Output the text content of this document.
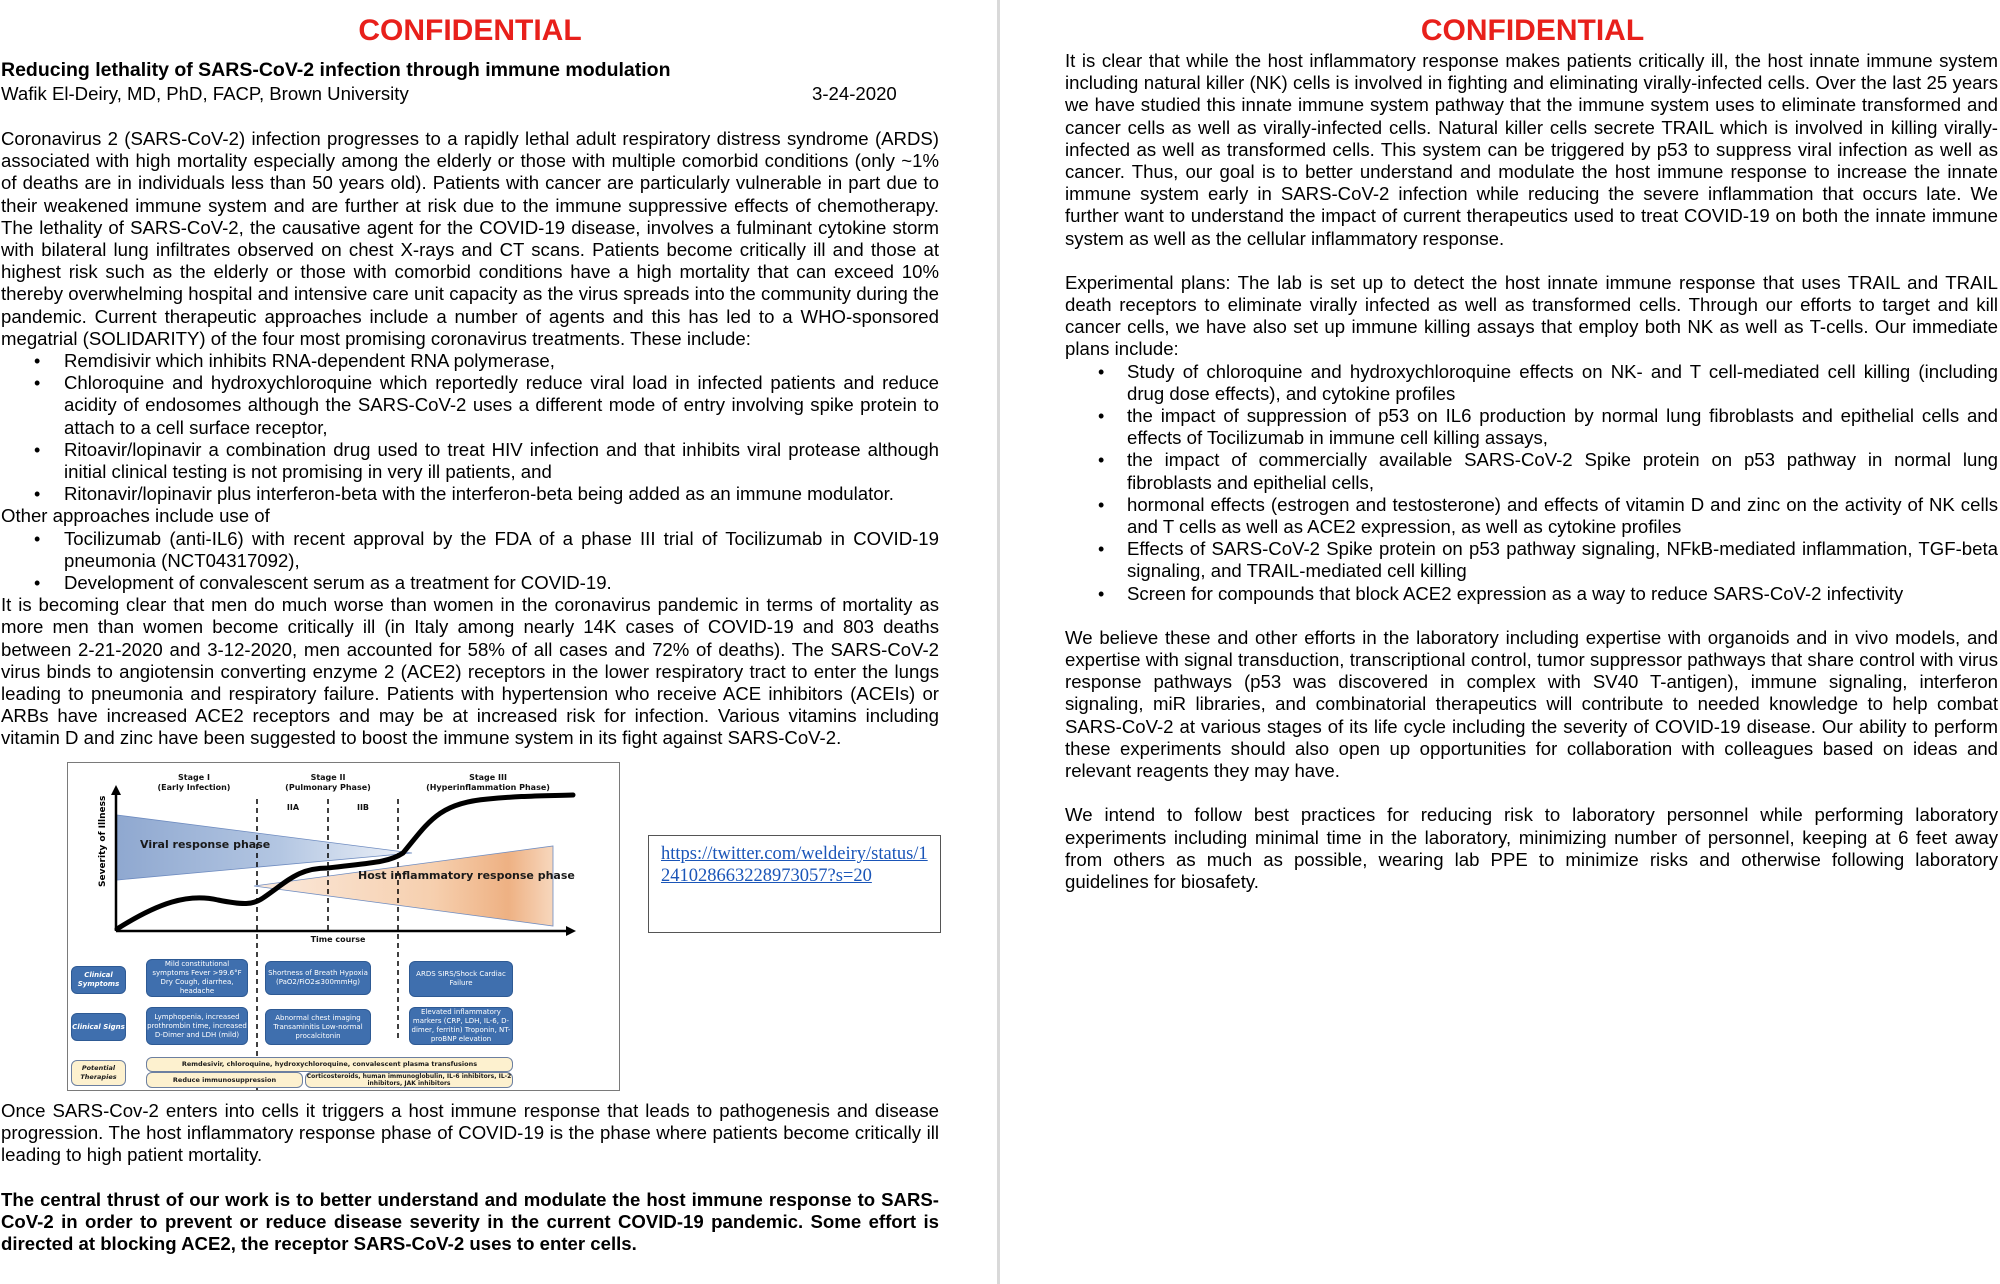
CONFIDENTIAL
Reducing lethality of SARS-CoV-2 infection through immune modulation
Wafik El-Deiry, MD, PhD, FACP, Brown University	3-24-2020

Coronavirus 2 (SARS-CoV-2) infection progresses to a rapidly lethal adult respiratory distress syndrome (ARDS) associated with high mortality especially among the elderly or those with multiple comorbid conditions (only ~1% of deaths are in individuals less than 50 years old). Patients with cancer are particularly vulnerable in part due to their weakened immune system and are further at risk due to the immune suppressive effects of chemotherapy. The lethality of SARS-CoV-2, the causative agent for the COVID-19 disease, involves a fulminant cytokine storm with bilateral lung infiltrates observed on chest X-rays and CT scans. Patients become critically ill and those at highest risk such as the elderly or those with comorbid conditions have a high mortality that can exceed 10% thereby overwhelming hospital and intensive care unit capacity as the virus spreads into the community during the pandemic. Current therapeutic approaches include a number of agents and this has led to a WHO-sponsored megatrial (SOLIDARITY) of the four most promising coronavirus treatments. These include:

• Remdisivir which inhibits RNA-dependent RNA polymerase,
• Chloroquine and hydroxychloroquine which reportedly reduce viral load in infected patients and reduce acidity of endosomes although the SARS-CoV-2 uses a different mode of entry involving spike protein to attach to a cell surface receptor,
• Ritoavir/lopinavir a combination drug used to treat HIV infection and that inhibits viral protease although initial clinical testing is not promising in very ill patients, and
• Ritonavir/lopinavir plus interferon-beta with the interferon-beta being added as an immune modulator.

Other approaches include use of

• Tocilizumab (anti-IL6) with recent approval by the FDA of a phase III trial of Tocilizumab in COVID-19 pneumonia (NCT04317092),
• Development of convalescent serum as a treatment for COVID-19.

It is becoming clear that men do much worse than women in the coronavirus pandemic in terms of mortality as more men than women become critically ill (in Italy among nearly 14K cases of COVID-19 and 803 deaths between 2-21-2020 and 3-12-2020, men accounted for 58% of all cases and 72% of deaths). The SARS-CoV-2 virus binds to angiotensin converting enzyme 2 (ACE2) receptors in the lower respiratory tract to enter the lungs leading to pneumonia and respiratory failure. Patients with hypertension who receive ACE inhibitors (ACEIs) or ARBs have increased ACE2 receptors and may be at increased risk for infection. Various vitamins including vitamin D and zinc have been suggested to boost the immune system in its fight against SARS-CoV-2.

Stage I
(Early Infection)
Stage II
(Pulmonary Phase)
Stage III
(Hyperinflammation Phase)
IIA	IIB
Severity of Illness
Time course
Viral response phase
Host inflammatory response phase
Clinical Symptoms
Clinical Signs
Potential Therapies
Mild constitutional symptoms Fever >99.6°F Dry Cough, diarrhea, headache
Shortness of Breath Hypoxia (PaO2/FiO2≤300mmHg)
ARDS SIRS/Shock Cardiac Failure
Lymphopenia, increased prothrombin time, increased D-Dimer and LDH (mild)
Abnormal chest imaging Transaminitis Low-normal procalcitonin
Elevated inflammatory markers (CRP, LDH, IL-6, D-dimer, ferritin) Troponin, NT-proBNP elevation
Remdesivir, chloroquine, hydroxychloroquine, convalescent plasma transfusions
Reduce immunosuppression	Corticosteroids, human immunoglobulin, IL-6 inhibitors, IL-2 inhibitors, JAK inhibitors
https://twitter.com/weldeiry/status/1241028663228973057?s=20

Once SARS-Cov-2 enters into cells it triggers a host immune response that leads to pathogenesis and disease progression. The host inflammatory response phase of COVID-19 is the phase where patients become critically ill leading to high patient mortality.

The central thrust of our work is to better understand and modulate the host immune response to SARS-CoV-2 in order to prevent or reduce disease severity in the current COVID-19 pandemic. Some effort is directed at blocking ACE2, the receptor SARS-CoV-2 uses to enter cells.

CONFIDENTIAL

It is clear that while the host inflammatory response makes patients critically ill, the host innate immune system including natural killer (NK) cells is involved in fighting and eliminating virally-infected cells. Over the last 25 years we have studied this innate immune system pathway that the immune system uses to eliminate transformed and cancer cells as well as virally-infected cells. Natural killer cells secrete TRAIL which is involved in killing virally-infected as well as transformed cells. This system can be triggered by p53 to suppress viral infection as well as cancer. Thus, our goal is to better understand and modulate the host immune response to increase the innate immune system early in SARS-CoV-2 infection while reducing the severe inflammation that occurs late. We further want to understand the impact of current therapeutics used to treat COVID-19 on both the innate immune system as well as the cellular inflammatory response.

Experimental plans: The lab is set up to detect the host innate immune response that uses TRAIL and TRAIL death receptors to eliminate virally infected as well as transformed cells. Through our efforts to target and kill cancer cells, we have also set up immune killing assays that employ both NK as well as T-cells. Our immediate plans include:

• Study of chloroquine and hydroxychloroquine effects on NK- and T cell-mediated cell killing (including drug dose effects), and cytokine profiles
• the impact of suppression of p53 on IL6 production by normal lung fibroblasts and epithelial cells and effects of Tocilizumab in immune cell killing assays,
• the impact of commercially available SARS-CoV-2 Spike protein on p53 pathway in normal lung fibroblasts and epithelial cells,
• hormonal effects (estrogen and testosterone) and effects of vitamin D and zinc on the activity of NK cells and T cells as well as ACE2 expression, as well as cytokine profiles
• Effects of SARS-CoV-2 Spike protein on p53 pathway signaling, NFkB-mediated inflammation, TGF-beta signaling, and TRAIL-mediated cell killing
• Screen for compounds that block ACE2 expression as a way to reduce SARS-CoV-2 infectivity

We believe these and other efforts in the laboratory including expertise with organoids and in vivo models, and expertise with signal transduction, transcriptional control, tumor suppressor pathways that share control with virus response pathways (p53 was discovered in complex with SV40 T-antigen), immune signaling, interferon signaling, miR libraries, and combinatorial therapeutics will contribute to needed knowledge to help combat SARS-CoV-2 at various stages of its life cycle including the severity of COVID-19 disease. Our ability to perform these experiments should also open up opportunities for collaboration with colleagues based on ideas and relevant reagents they may have.

We intend to follow best practices for reducing risk to laboratory personnel while performing laboratory experiments including minimal time in the laboratory, minimizing number of personnel, keeping at 6 feet away from others as much as possible, wearing lab PPE to minimize risks and otherwise following laboratory guidelines for biosafety.
